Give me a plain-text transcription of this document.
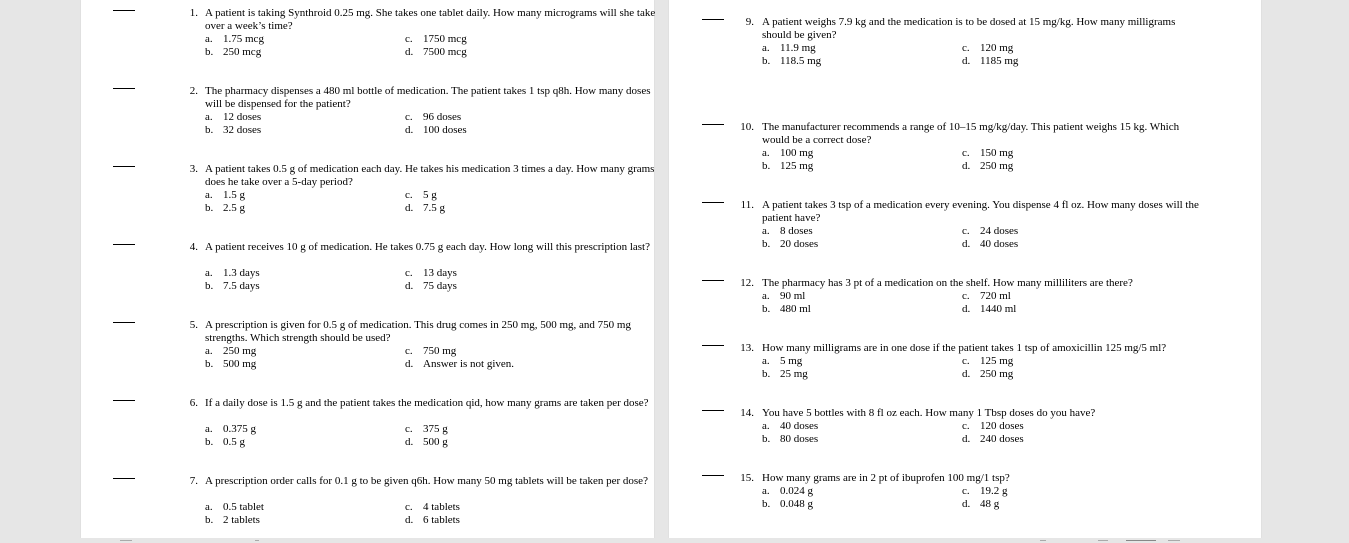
1. A patient is taking Synthroid 0.25 mg. She takes one tablet daily. How many micrograms will she take over a week’s time?
a. 1.75 mcg
b. 250 mcg
c. 1750 mcg
d. 7500 mcg
2. The pharmacy dispenses a 480 ml bottle of medication. The patient takes 1 tsp q8h. How many doses will be dispensed for the patient?
a. 12 doses
b. 32 doses
c. 96 doses
d. 100 doses
3. A patient takes 0.5 g of medication each day. He takes his medication 3 times a day. How many grams does he take over a 5-day period?
a. 1.5 g
b. 2.5 g
c. 5 g
d. 7.5 g
4. A patient receives 10 g of medication. He takes 0.75 g each day. How long will this prescription last?
a. 1.3 days
b. 7.5 days
c. 13 days
d. 75 days
5. A prescription is given for 0.5 g of medication. This drug comes in 250 mg, 500 mg, and 750 mg strengths. Which strength should be used?
a. 250 mg
b. 500 mg
c. 750 mg
d. Answer is not given.
6. If a daily dose is 1.5 g and the patient takes the medication qid, how many grams are taken per dose?
a. 0.375 g
b. 0.5 g
c. 375 g
d. 500 g
7. A prescription order calls for 0.1 g to be given q6h. How many 50 mg tablets will be taken per dose?
a. 0.5 tablet
b. 2 tablets
c. 4 tablets
d. 6 tablets
9. A patient weighs 7.9 kg and the medication is to be dosed at 15 mg/kg. How many milligrams should be given?
a. 11.9 mg
b. 118.5 mg
c. 120 mg
d. 1185 mg
10. The manufacturer recommends a range of 10–15 mg/kg/day. This patient weighs 15 kg. Which would be a correct dose?
a. 100 mg
b. 125 mg
c. 150 mg
d. 250 mg
11. A patient takes 3 tsp of a medication every evening. You dispense 4 fl oz. How many doses will the patient have?
a. 8 doses
b. 20 doses
c. 24 doses
d. 40 doses
12. The pharmacy has 3 pt of a medication on the shelf. How many milliliters are there?
a. 90 ml
b. 480 ml
c. 720 ml
d. 1440 ml
13. How many milligrams are in one dose if the patient takes 1 tsp of amoxicillin 125 mg/5 ml?
a. 5 mg
b. 25 mg
c. 125 mg
d. 250 mg
14. You have 5 bottles with 8 fl oz each. How many 1 Tbsp doses do you have?
a. 40 doses
b. 80 doses
c. 120 doses
d. 240 doses
15. How many grams are in 2 pt of ibuprofen 100 mg/1 tsp?
a. 0.024 g
b. 0.048 g
c. 19.2 g
d. 48 g
